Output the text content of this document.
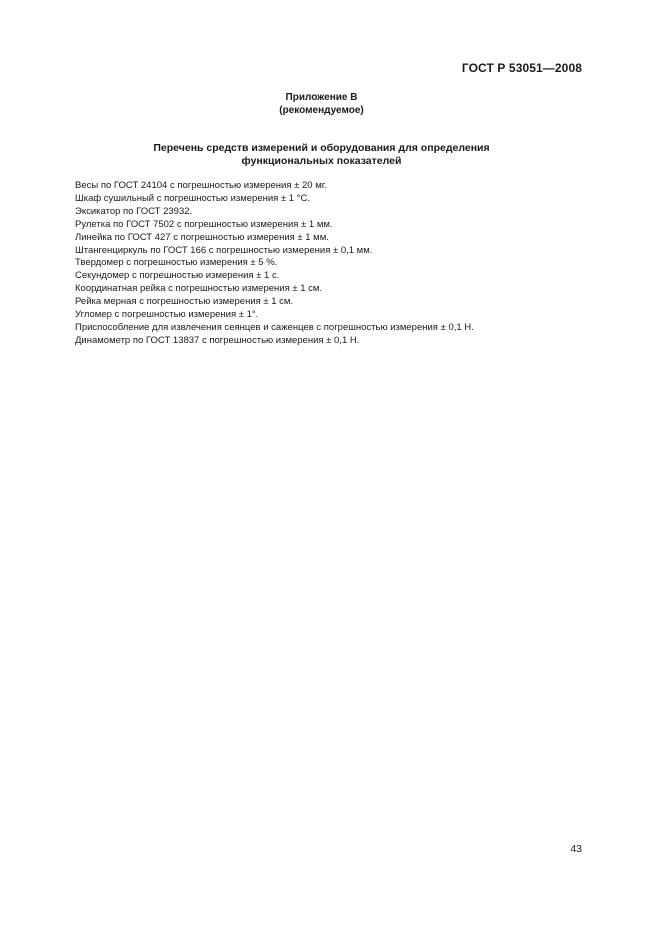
ГОСТ Р 53051—2008
Приложение В
(рекомендуемое)
Перечень средств измерений и оборудования для определения
функциональных показателей
Весы по ГОСТ 24104 с погрешностью измерения ± 20 мг.
Шкаф сушильный с погрешностью измерения ± 1 °С.
Эксикатор по ГОСТ 23932.
Рулетка по ГОСТ 7502 с погрешностью измерения ± 1 мм.
Линейка по ГОСТ 427 с погрешностью измерения ± 1 мм.
Штангенциркуль по ГОСТ 166 с погрешностью измерения ± 0,1 мм.
Твердомер с погрешностью измерения ± 5 %.
Секундомер с погрешностью измерения ± 1 с.
Координатная рейка с погрешностью измерения ± 1 см.
Рейка мерная с погрешностью измерения ± 1 см.
Угломер с погрешностью измерения ± 1°.
Приспособление для извлечения сеянцев и саженцев с погрешностью измерения ± 0,1 Н.
Динамометр по ГОСТ 13837 с погрешностью измерения ± 0,1 Н.
43
